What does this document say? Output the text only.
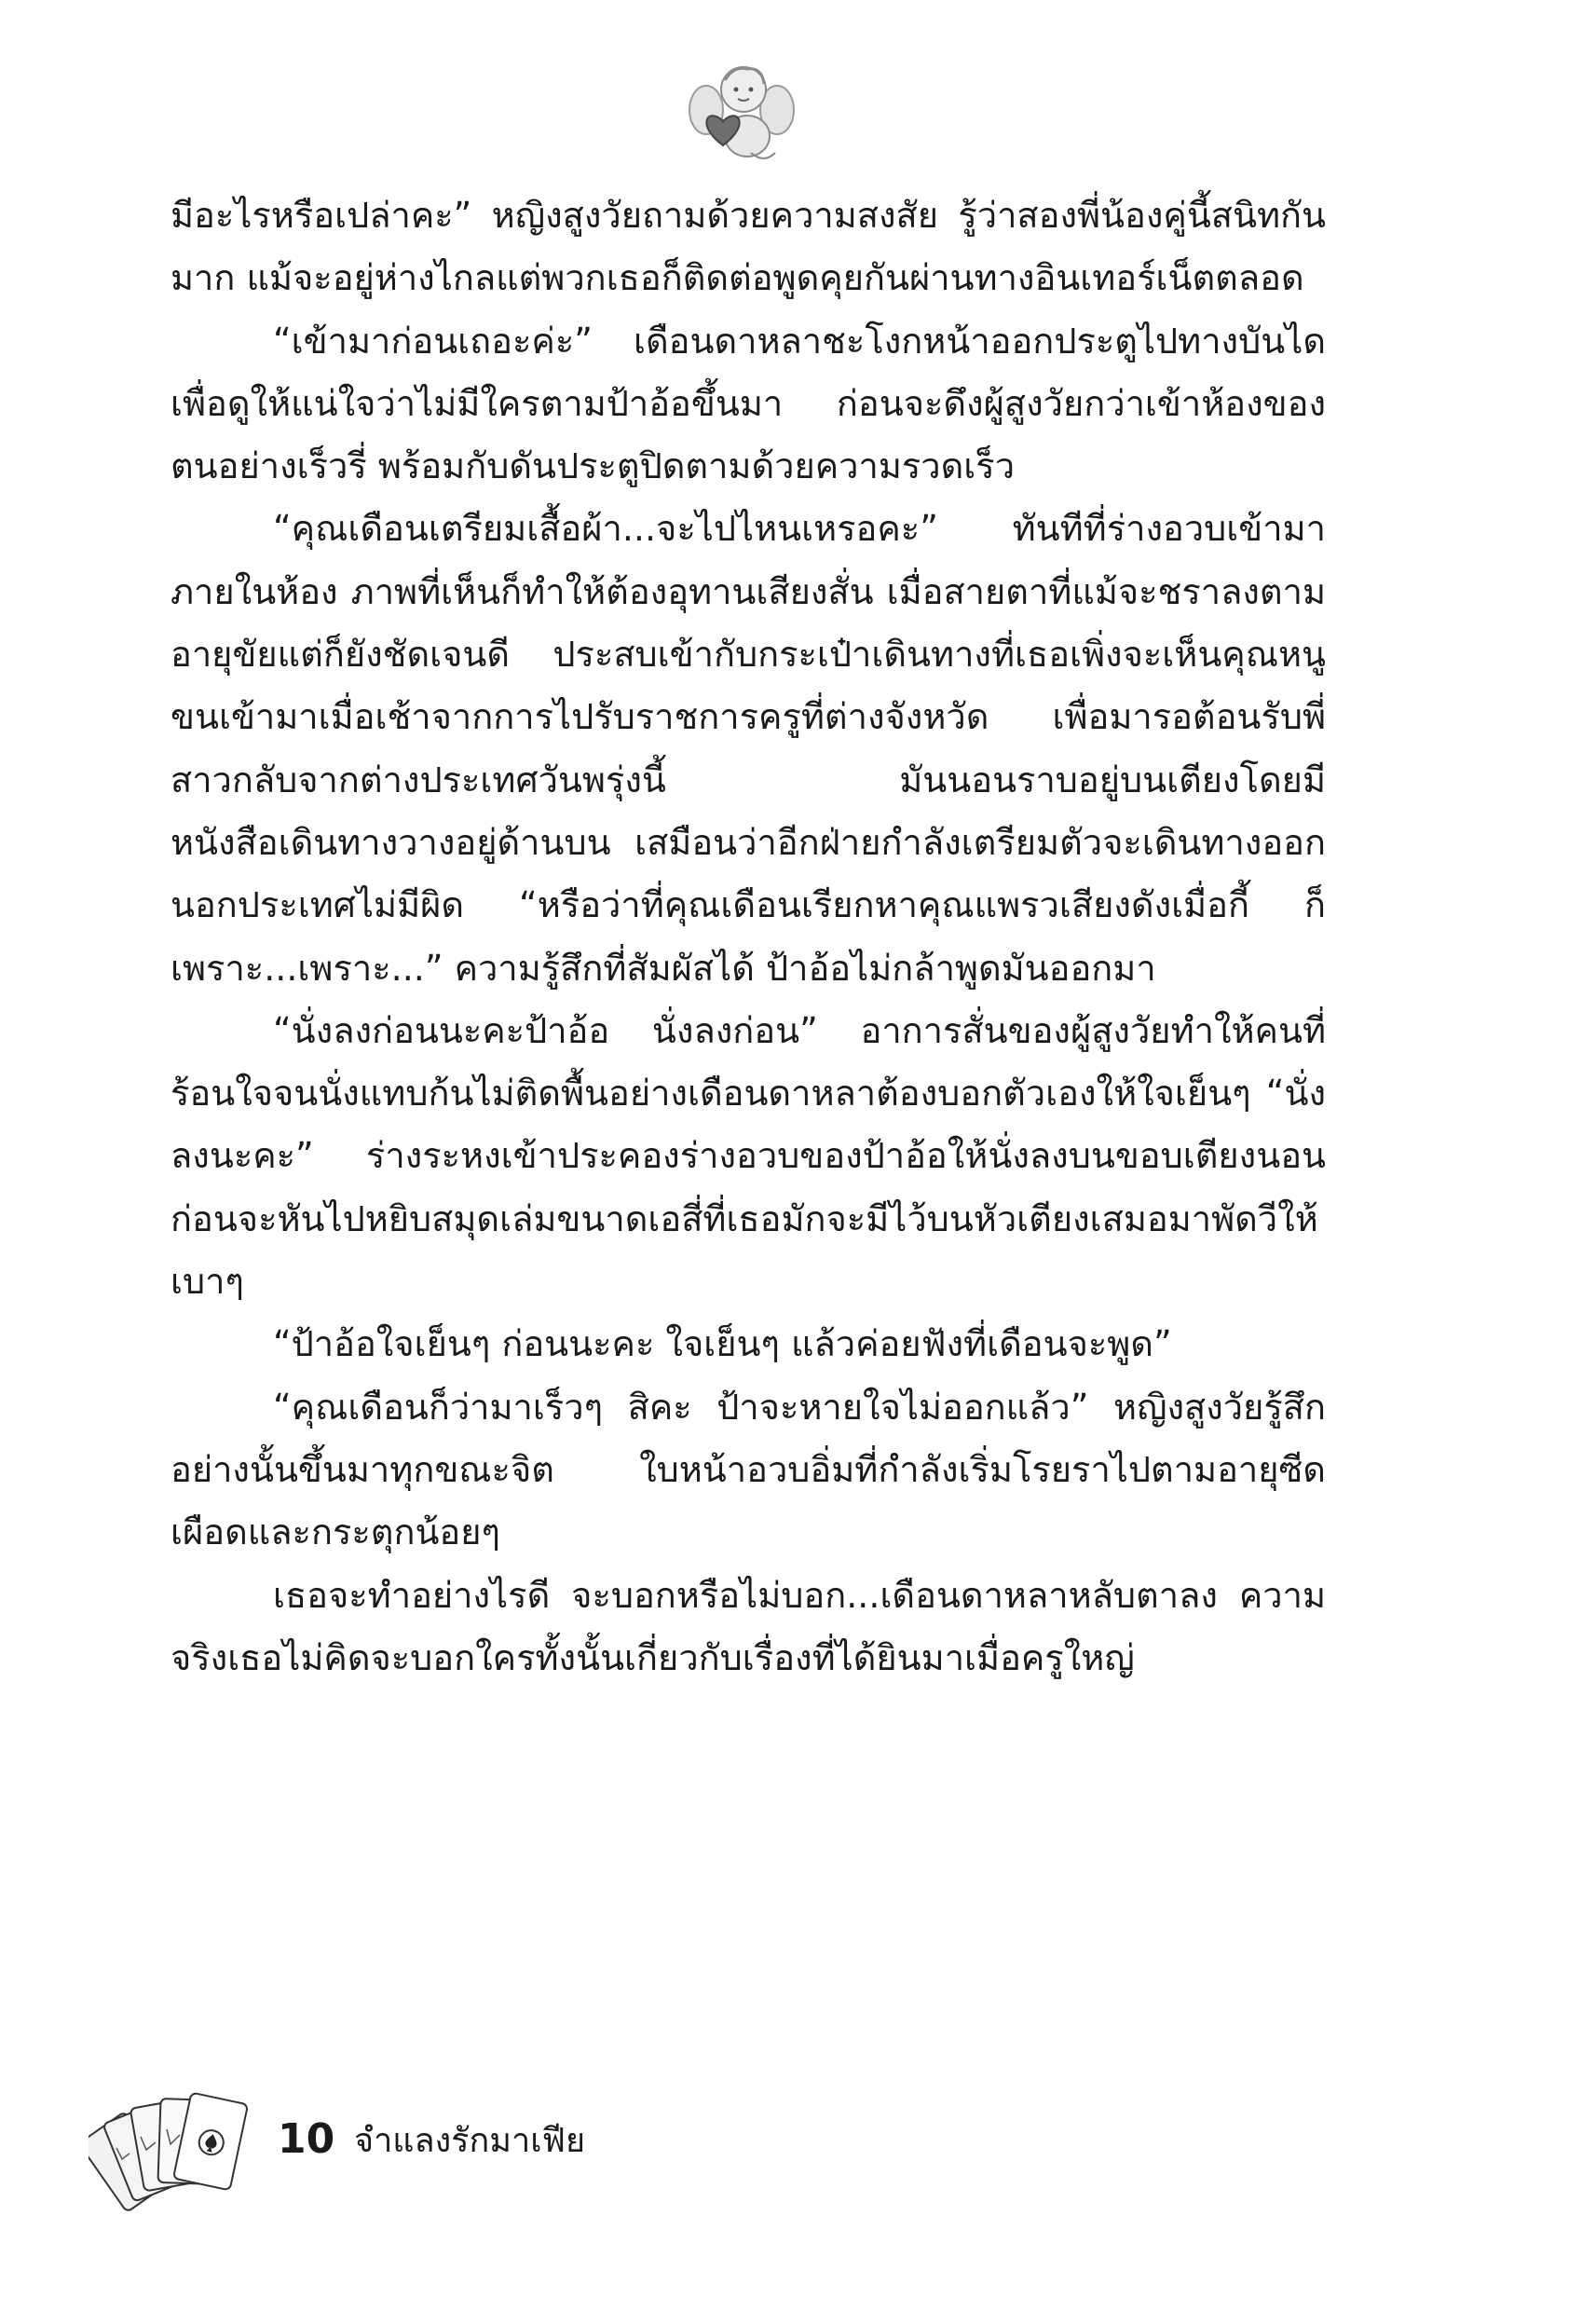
มีอะไรหรือเปล่าคะ” หญิงสูงวัยถามด้วยความสงสัย รู้ว่าสองพี่น้องคู่นี้สนิทกันมาก แม้จะอยู่ห่างไกลแต่พวกเธอก็ติดต่อพูดคุยกันผ่านทางอินเทอร์เน็ตตลอด

“เข้ามาก่อนเถอะค่ะ” เดือนดาหลาชะโงกหน้าออกประตูไปทางบันได เพื่อดูให้แน่ใจว่าไม่มีใครตามป้าอ้อขึ้นมา ก่อนจะดึงผู้สูงวัยกว่าเข้าห้องของตนอย่างเร็วรี่ พร้อมกับดันประตูปิดตามด้วยความรวดเร็ว

“คุณเดือนเตรียมเสื้อผ้า...จะไปไหนเหรอคะ” ทันทีที่ร่างอวบเข้ามาภายในห้อง ภาพที่เห็นก็ทำให้ต้องอุทานเสียงสั่น เมื่อสายตาที่แม้จะชราลงตามอายุขัยแต่ก็ยังชัดเจนดี ประสบเข้ากับกระเป๋าเดินทางที่เธอเพิ่งจะเห็นคุณหนูขนเข้ามาเมื่อเช้าจากการไปรับราชการครูที่ต่างจังหวัด เพื่อมารอต้อนรับพี่สาวกลับจากต่างประเทศวันพรุ่งนี้ มันนอนราบอยู่บนเตียงโดยมีหนังสือเดินทางวางอยู่ด้านบน เสมือนว่าอีกฝ่ายกำลังเตรียมตัวจะเดินทางออกนอกประเทศไม่มีผิด “หรือว่าที่คุณเดือนเรียกหาคุณแพรวเสียงดังเมื่อกี้ ก็เพราะ...เพราะ...” ความรู้สึกที่สัมผัสได้ ป้าอ้อไม่กล้าพูดมันออกมา

“นั่งลงก่อนนะคะป้าอ้อ นั่งลงก่อน” อาการสั่นของผู้สูงวัยทำให้คนที่ร้อนใจจนนั่งแทบก้นไม่ติดพื้นอย่างเดือนดาหลาต้องบอกตัวเองให้ใจเย็นๆ “นั่งลงนะคะ” ร่างระหงเข้าประคองร่างอวบของป้าอ้อให้นั่งลงบนขอบเตียงนอน ก่อนจะหันไปหยิบสมุดเล่มขนาดเอสี่ที่เธอมักจะมีไว้บนหัวเตียงเสมอมาพัดวีให้เบาๆ

“ป้าอ้อใจเย็นๆ ก่อนนะคะ ใจเย็นๆ แล้วค่อยฟังที่เดือนจะพูด”

“คุณเดือนก็ว่ามาเร็วๆ สิคะ ป้าจะหายใจไม่ออกแล้ว” หญิงสูงวัยรู้สึกอย่างนั้นขึ้นมาทุกขณะจิต ใบหน้าอวบอิ่มที่กำลังเริ่มโรยราไปตามอายุซีดเผือดและกระตุกน้อยๆ

เธอจะทำอย่างไรดี จะบอกหรือไม่บอก...เดือนดาหลาหลับตาลง ความจริงเธอไม่คิดจะบอกใครทั้งนั้นเกี่ยวกับเรื่องที่ได้ยินมาเมื่อครูใหญ่

10 จำแลงรักมาเฟีย
